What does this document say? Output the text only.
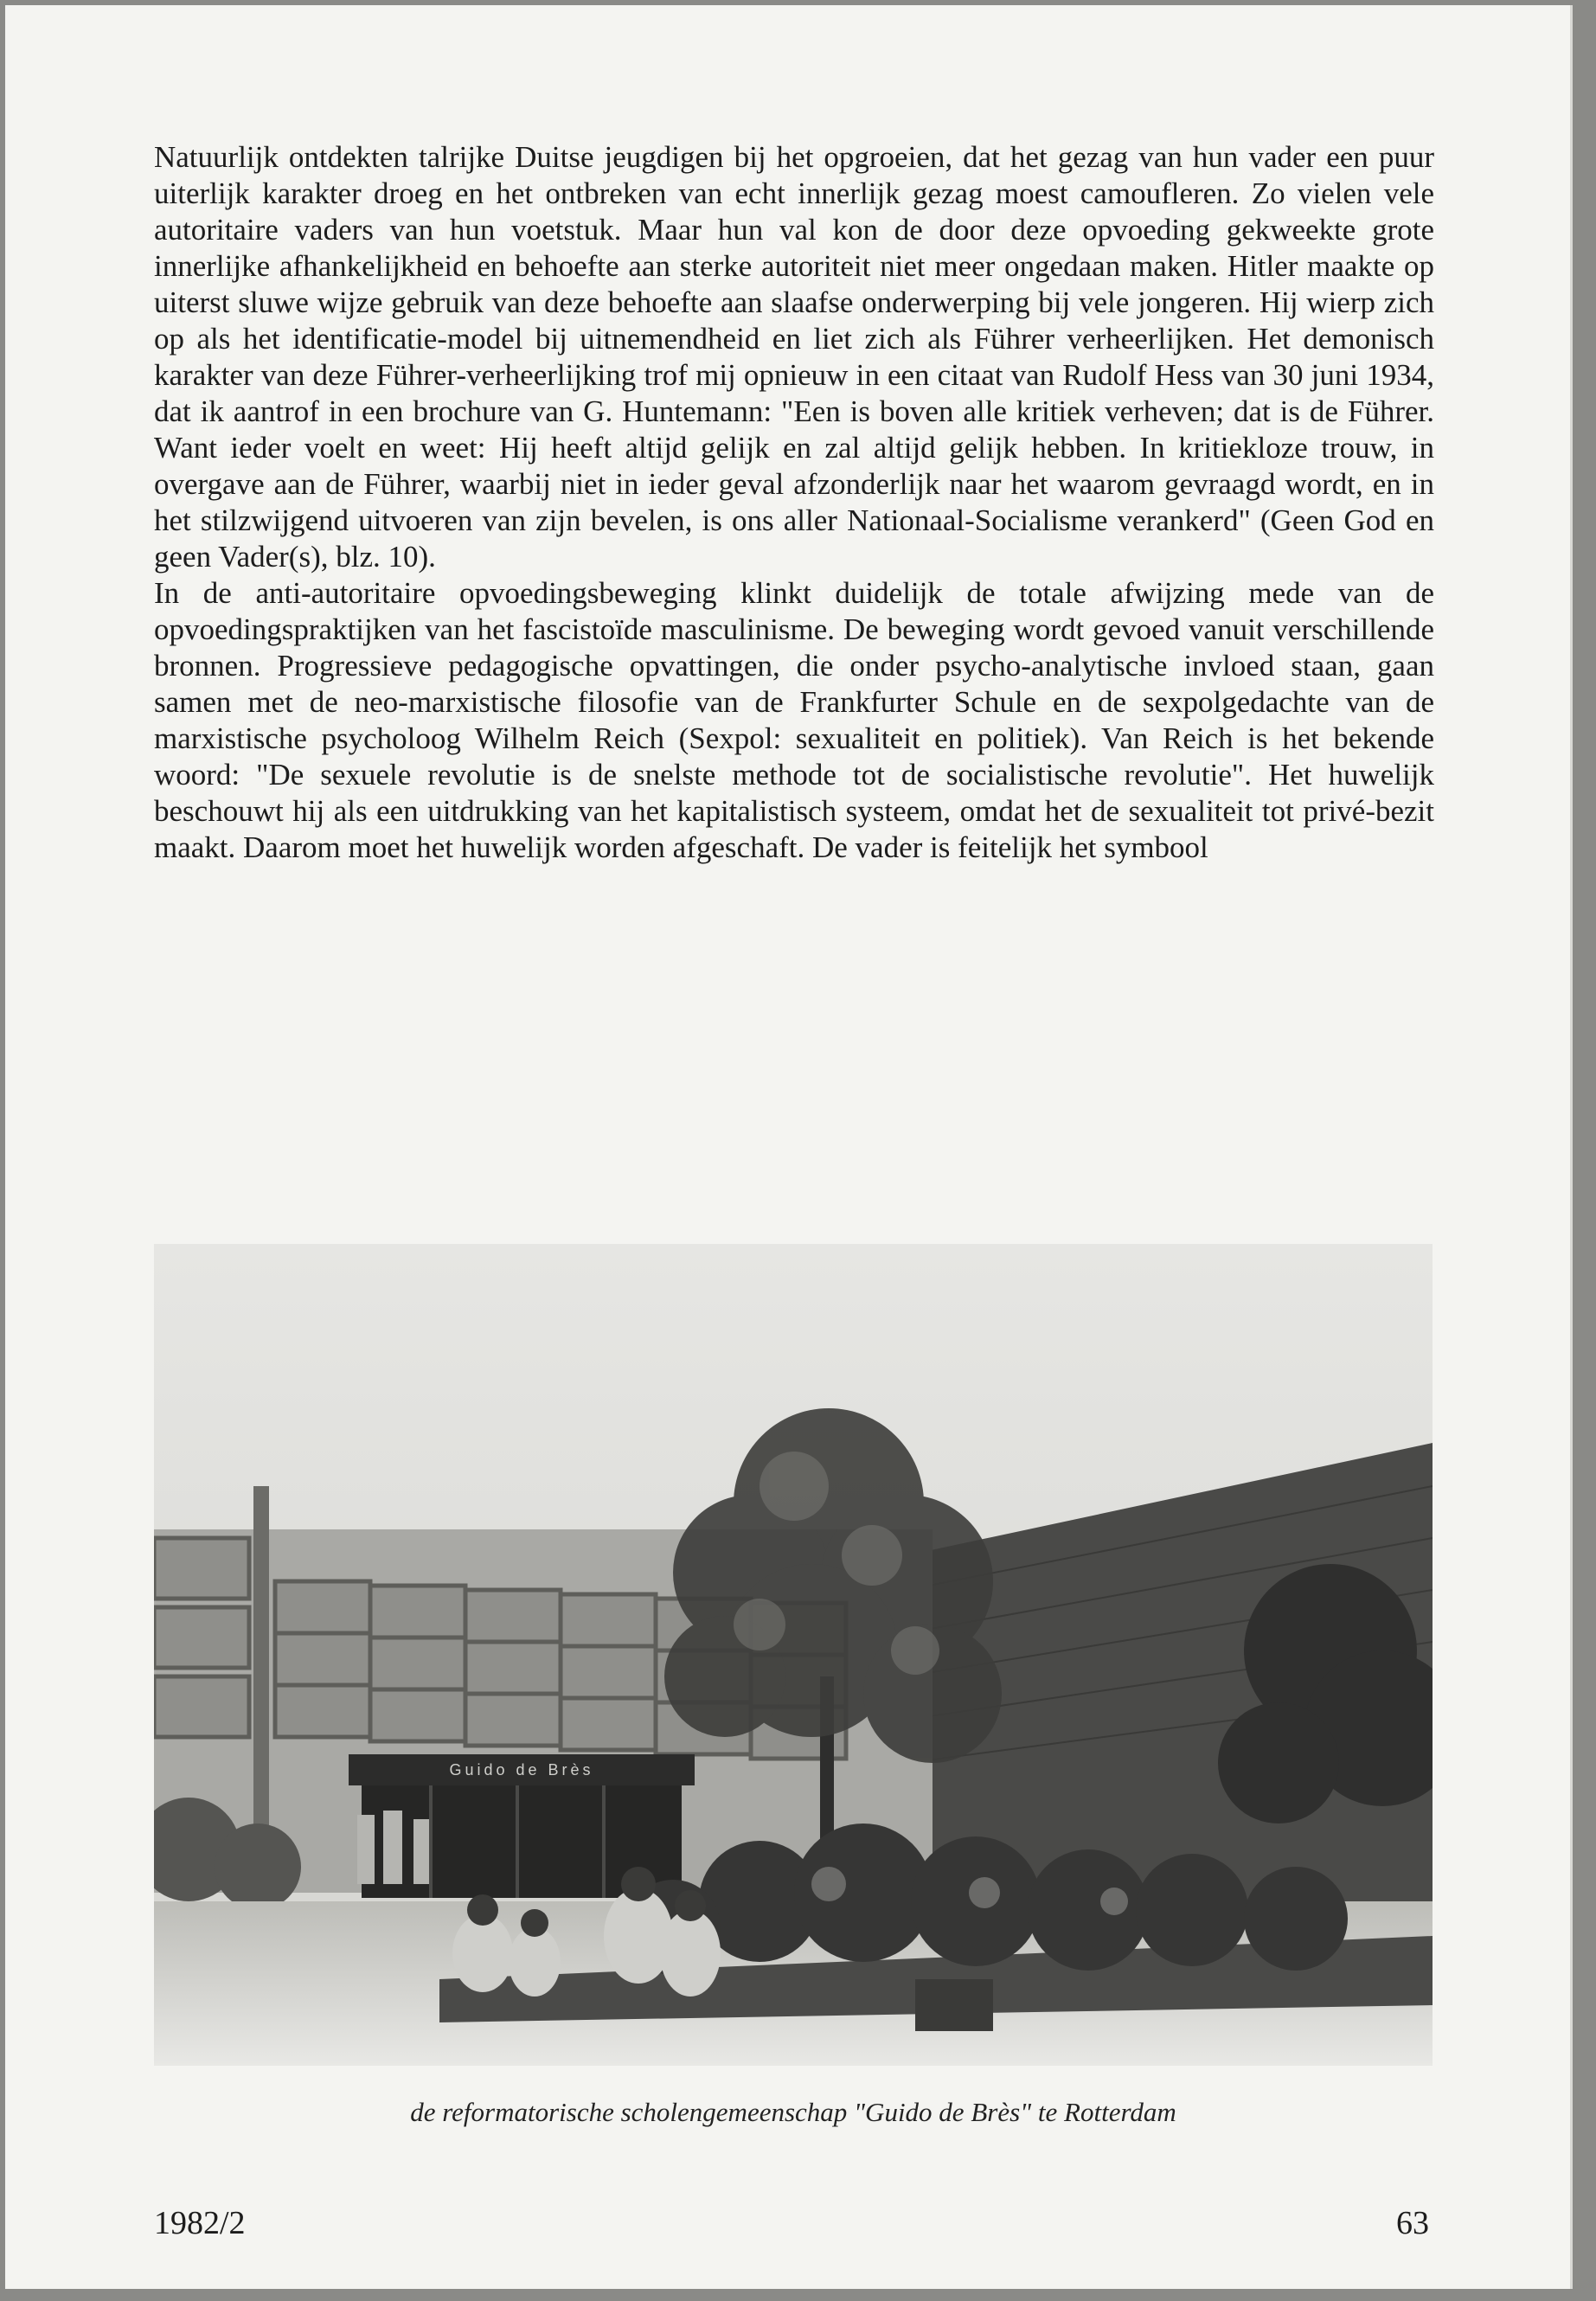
Natuurlijk ontdekten talrijke Duitse jeugdigen bij het opgroeien, dat het gezag van hun vader een puur uiterlijk karakter droeg en het ontbreken van echt innerlijk gezag moest camoufleren. Zo vielen vele autoritaire vaders van hun voetstuk. Maar hun val kon de door deze opvoeding gekweekte grote innerlijke afhankelijkheid en behoefte aan sterke autoriteit niet meer ongedaan maken. Hitler maakte op uiterst sluwe wijze gebruik van deze behoefte aan slaafse onderwerping bij vele jongeren. Hij wierp zich op als het identificatie-model bij uitnemendheid en liet zich als Führer verheerlijken. Het demonisch karakter van deze Führer-verheerlijking trof mij opnieuw in een citaat van Rudolf Hess van 30 juni 1934, dat ik aantrof in een brochure van G. Huntemann: "Een is boven alle kritiek verheven; dat is de Führer. Want ieder voelt en weet: Hij heeft altijd gelijk en zal altijd gelijk hebben. In kritiekloze trouw, in overgave aan de Führer, waarbij niet in ieder geval afzonderlijk naar het waarom gevraagd wordt, en in het stilzwijgend uitvoeren van zijn bevelen, is ons aller Nationaal-Socialisme verankerd" (Geen God en geen Vader(s), blz. 10).

In de anti-autoritaire opvoedingsbeweging klinkt duidelijk de totale afwijzing mede van de opvoedingspraktijken van het fascistoïde masculinisme. De beweging wordt gevoed vanuit verschillende bronnen. Progressieve pedagogische opvattingen, die onder psycho-analytische invloed staan, gaan samen met de neo-marxistische filosofie van de Frankfurter Schule en de sexpolgedachte van de marxistische psycholoog Wilhelm Reich (Sexpol: sexualiteit en politiek). Van Reich is het bekende woord: "De sexuele revolutie is de snelste methode tot de socialistische revolutie". Het huwelijk beschouwt hij als een uitdrukking van het kapitalistisch systeem, omdat het de sexualiteit tot privé-bezit maakt. Daarom moet het huwelijk worden afgeschaft. De vader is feitelijk het symbool

Guido de Brès
de reformatorische scholengemeenschap "Guido de Brès" te Rotterdam
1982/2	63
